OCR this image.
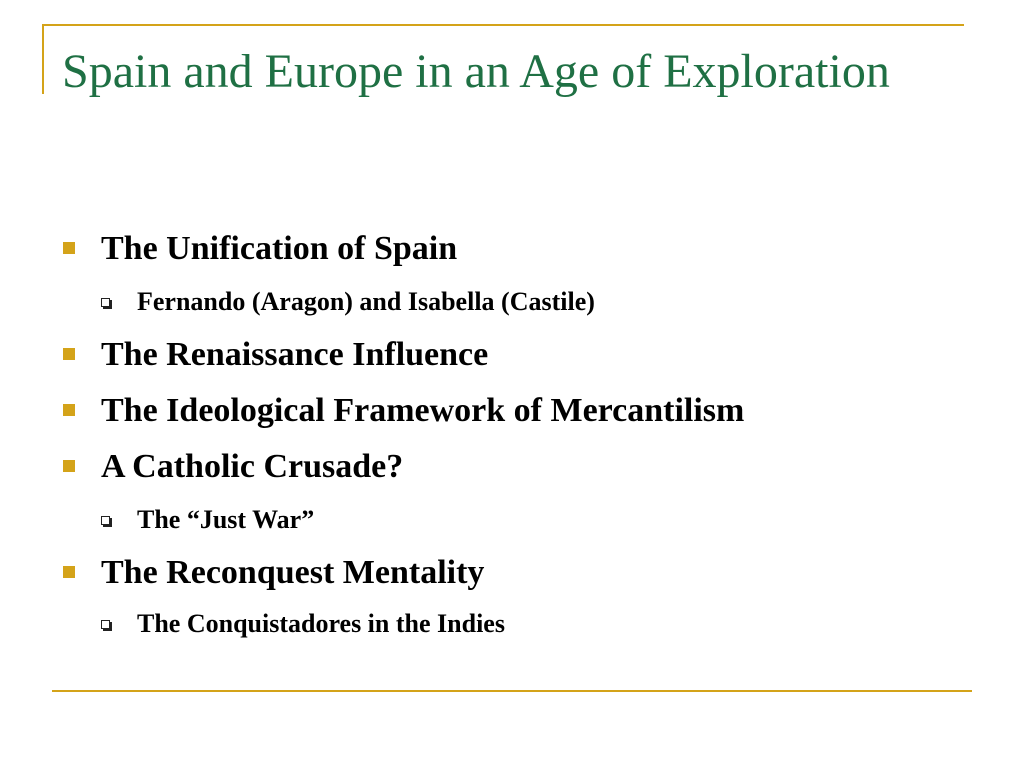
Spain and Europe in an Age of Exploration
The Unification of Spain
Fernando (Aragon) and Isabella (Castile)
The Renaissance Influence
The Ideological Framework of Mercantilism
A Catholic Crusade?
The “Just War”
The Reconquest Mentality
The Conquistadores in the Indies
